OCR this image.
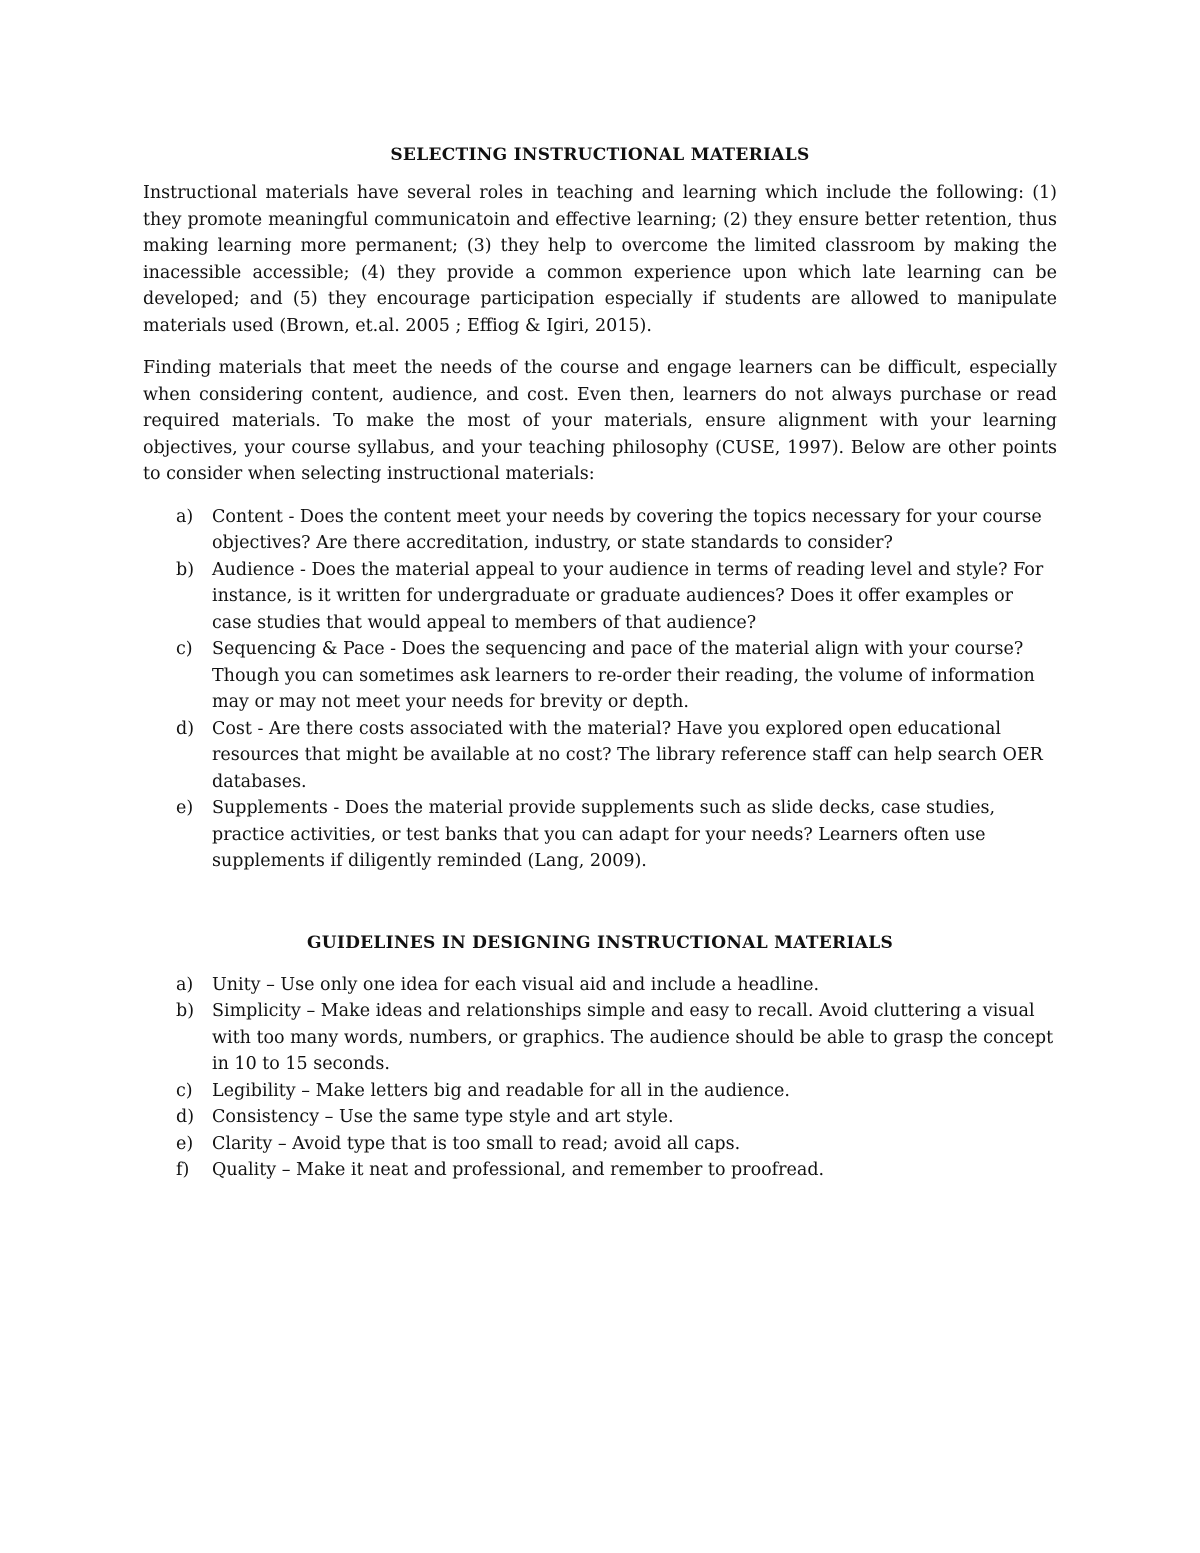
SELECTING INSTRUCTIONAL MATERIALS

Instructional materials have several roles in teaching and learning which include the following: (1) they promote meaningful communicatoin and effective learning; (2) they ensure better retention, thus making learning more permanent; (3) they help to overcome the limited classroom by making the inacessible accessible; (4) they provide a common experience upon which late learning can be developed; and (5) they encourage participation especially if students are allowed to manipulate materials used (Brown, et.al. 2005 ; Effiog & Igiri, 2015).

Finding materials that meet the needs of the course and engage learners can be difficult, especially when considering content, audience, and cost. Even then, learners do not always purchase or read required materials. To make the most of your materials, ensure alignment with your learning objectives, your course syllabus, and your teaching philosophy (CUSE, 1997). Below are other points to consider when selecting instructional materials:

a)	Content - Does the content meet your needs by covering the topics necessary for your course objectives? Are there accreditation, industry, or state standards to consider?
b)	Audience - Does the material appeal to your audience in terms of reading level and style? For instance, is it written for undergraduate or graduate audiences? Does it offer examples or case studies that would appeal to members of that audience?
c)	Sequencing & Pace - Does the sequencing and pace of the material align with your course? Though you can sometimes ask learners to re-order their reading, the volume of information may or may not meet your needs for brevity or depth.
d)	Cost - Are there costs associated with the material? Have you explored open educational resources that might be available at no cost? The library reference staff can help search OER databases.
e)	Supplements - Does the material provide supplements such as slide decks, case studies, practice activities, or test banks that you can adapt for your needs? Learners often use supplements if diligently reminded (Lang, 2009).
GUIDELINES IN DESIGNING INSTRUCTIONAL MATERIALS
a)	Unity – Use only one idea for each visual aid and include a headline.
b)	Simplicity – Make ideas and relationships simple and easy to recall. Avoid cluttering a visual with too many words, numbers, or graphics. The audience should be able to grasp the concept in 10 to 15 seconds.
c)	Legibility – Make letters big and readable for all in the audience.
d)	Consistency – Use the same type style and art style.
e)	Clarity – Avoid type that is too small to read; avoid all caps.
f)	Quality – Make it neat and professional, and remember to proofread.
